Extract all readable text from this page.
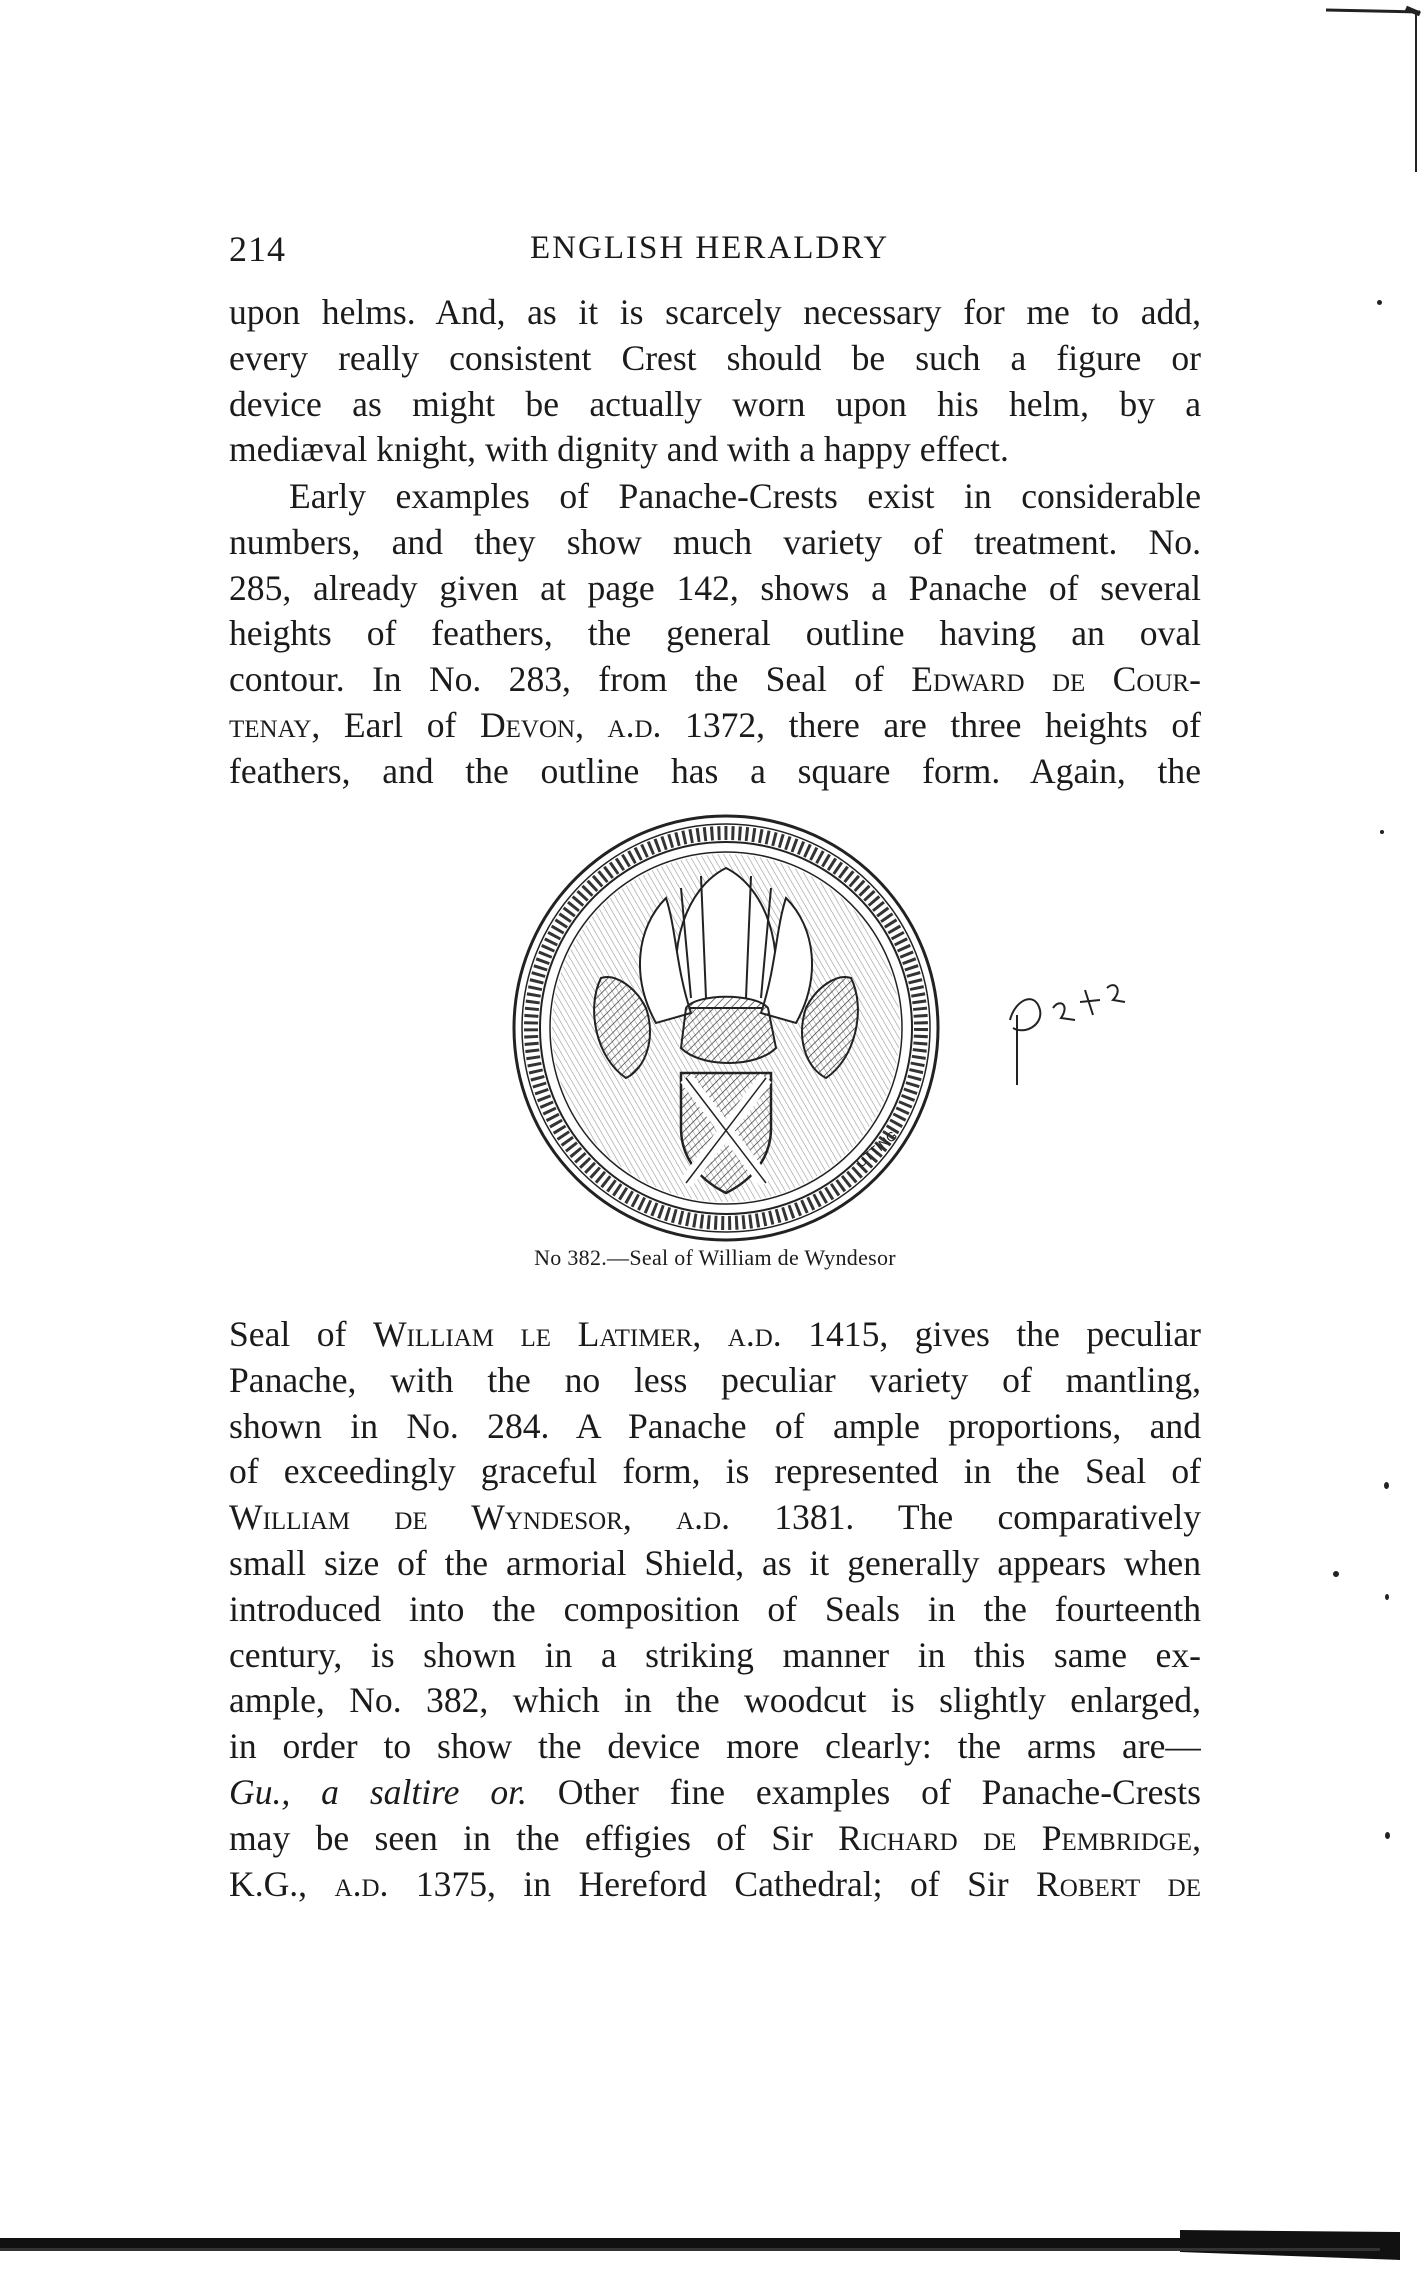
214	ENGLISH HERALDRY
upon helms. And, as it is scarcely necessary for me to add,
every really consistent Crest should be such a figure or
device as might be actually worn upon his helm, by a
mediæval knight, with dignity and with a happy effect.
Early examples of Panache-Crests exist in considerable
numbers, and they show much variety of treatment. No.
285, already given at page 142, shows a Panache of several
heights of feathers, the general outline having an oval
contour. In No. 283, from the Seal of Edward de Cour-
tenay, Earl of Devon, a.d. 1372, there are three heights of
feathers, and the outline has a square form. Again, the
UTTING
No 382.—Seal of William de Wyndesor
Seal of William le Latimer, a.d. 1415, gives the peculiar
Panache, with the no less peculiar variety of mantling,
shown in No. 284. A Panache of ample proportions, and
of exceedingly graceful form, is represented in the Seal of
William de Wyndesor, a.d. 1381. The comparatively
small size of the armorial Shield, as it generally appears when
introduced into the composition of Seals in the fourteenth
century, is shown in a striking manner in this same ex-
ample, No. 382, which in the woodcut is slightly enlarged,
in order to show the device more clearly: the arms are—
Gu., a saltire or. Other fine examples of Panache-Crests
may be seen in the effigies of Sir Richard de Pembridge,
K.G., a.d. 1375, in Hereford Cathedral; of Sir Robert de
